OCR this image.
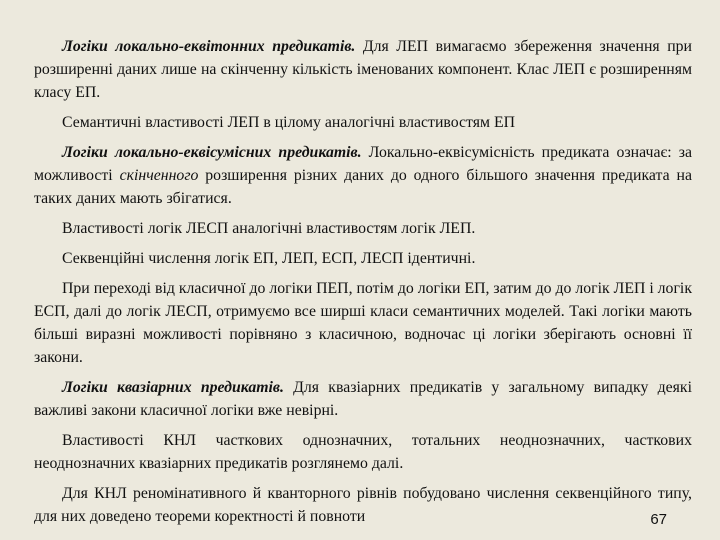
Логіки локально-еквітонних предикатів. Для ЛЕП вимагаємо збереження значення при розширенні даних лише на скінченну кількість іменованих компонент. Клас ЛЕП є розширенням класу ЕП.

Семантичні властивості ЛЕП в цілому аналогічні властивостям ЕП

Логіки локально-еквісумісних предикатів. Локально-еквісумісність предиката означає: за можливості скінченного розширення різних даних до одного більшого значення предиката на таких даних мають збігатися.

Властивості логік ЛЕСП аналогічні властивостям логік ЛЕП.

Секвенційні числення логік ЕП, ЛЕП, ЕСП, ЛЕСП ідентичні.

При переході від класичної до логіки ПЕП, потім до логіки ЕП, затим до до логік ЛЕП і логік ЕСП, далі до логік ЛЕСП, отримуємо все ширші класи семантичних моделей. Такі логіки мають більші виразні можливості порівняно з класичною, водночас ці логіки зберігають основні її закони.

Логіки квазіарних предикатів. Для квазіарних предикатів у загальному випадку деякі важливі закони класичної логіки вже невірні.

Властивості КНЛ часткових однозначних, тотальних неоднозначних, часткових неоднозначних квазіарних предикатів розглянемо далі.

Для КНЛ реномінативного й кванторного рівнів побудовано числення секвенційного типу, для них доведено теореми коректності й повноти	67
